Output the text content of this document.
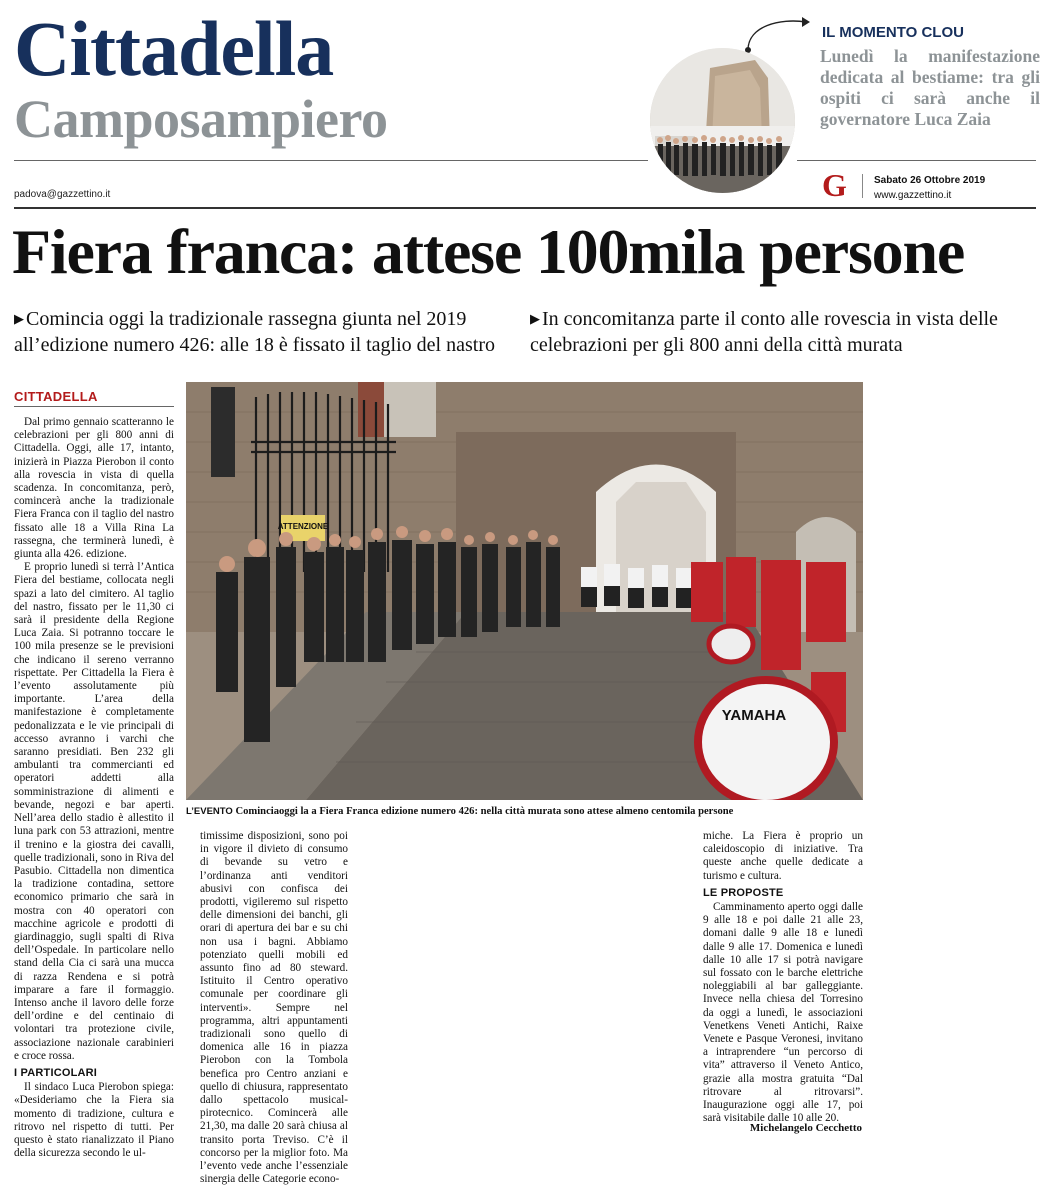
Cittadella
Camposampiero
IL MOMENTO CLOU
Lunedì la manifestazione dedicata al bestiame: tra gli ospiti ci sarà anche il governatore Luca Zaia
padova@gazzettino.it	G	Sabato 26 Ottobre 2019
www.gazzettino.it
Fiera franca: attese 100mila persone
▶ Comincia oggi la tradizionale rassegna giunta nel 2019 all’edizione numero 426: alle 18 è fissato il taglio del nastro
▶ In concomitanza parte il conto alle rovescia in vista delle celebrazioni per gli 800 anni della città murata
CITTADELLA
ATTENZIONE
YAMAHA
L’EVENTO Cominciaoggi la a Fiera Franca edizione numero 426: nella città murata sono attese almeno centomila persone

Dal primo gennaio scatteranno le celebrazioni per gli 800 anni di Cittadella. Oggi, alle 17, intanto, inizierà in Piazza Pierobon il conto alla rovescia in vista di quella scadenza. In concomitanza, però, comincerà anche la tradizionale Fiera Franca con il taglio del nastro fissato alle 18 a Villa Rina La rassegna, che terminerà lunedì, è giunta alla 426. edizione.

E proprio lunedì si terrà l’Antica Fiera del bestiame, collocata negli spazi a lato del cimitero. Al taglio del nastro, fissato per le 11,30 ci sarà il presidente della Regione Luca Zaia. Si potranno toccare le 100 mila presenze se le previsioni che indicano il sereno verranno rispettate. Per Cittadella la Fiera è l’evento assolutamente più importante. L’area della manifestazione è completamente pedonalizzata e le vie principali di accesso avranno i varchi che saranno presidiati. Ben 232 gli ambulanti tra commercianti ed operatori addetti alla somministrazione di alimenti e bevande, negozi e bar aperti. Nell’area dello stadio è allestito il luna park con 53 attrazioni, mentre il trenino e la giostra dei cavalli, quelle tradizionali, sono in Riva del Pasubio. Cittadella non dimentica la tradizione contadina, settore economico primario che sarà in mostra con 40 operatori con macchine agricole e prodotti di giardinaggio, sugli spalti di Riva dell’Ospedale. In particolare nello stand della Cia ci sarà una mucca di razza Rendena e si potrà imparare a fare il formaggio. Intenso anche il lavoro delle forze dell’ordine e del centinaio di volontari tra protezione civile, associazione nazionale carabinieri e croce rossa.

I PARTICOLARI

Il sindaco Luca Pierobon spiega: «Desideriamo che la Fiera sia momento di tradizione, cultura e ritrovo nel rispetto di tutti. Per questo è stato rianalizzato il Piano della sicurezza secondo le ul-

timissime disposizioni, sono poi in vigore il divieto di consumo di bevande su vetro e l’ordinanza anti venditori abusivi con confisca dei prodotti, vigileremo sul rispetto delle dimensioni dei banchi, gli orari di apertura dei bar e su chi non usa i bagni. Abbiamo potenziato quelli mobili ed assunto fino ad 80 steward. Istituito il Centro operativo comunale per coordinare gli interventi». Sempre nel programma, altri appuntamenti tradizionali sono quello di domenica alle 16 in piazza Pierobon con la Tombola benefica pro Centro anziani e quello di chiusura, rappresentato dallo spettacolo musical-pirotecnico. Comincerà alle 21,30, ma dalle 20 sarà chiusa al transito porta Treviso. C’è il concorso per la miglior foto. Ma l’evento vede anche l’essenziale sinergia delle Categorie econo-

miche. La Fiera è proprio un caleidoscopio di iniziative. Tra queste anche quelle dedicate a turismo e cultura.

LE PROPOSTE

Camminamento aperto oggi dalle 9 alle 18 e poi dalle 21 alle 23, domani dalle 9 alle 18 e lunedì dalle 9 alle 17. Domenica e lunedì dalle 10 alle 17 si potrà navigare sul fossato con le barche elettriche noleggiabili al bar galleggiante. Invece nella chiesa del Torresino da oggi a lunedì, le associazioni Venetkens Veneti Antichi, Raixe Venete e Pasque Veronesi, invitano a intraprendere “un percorso di vita” attraverso il Veneto Antico, grazie alla mostra gratuita “Dal ritrovare al ritrovarsi”. Inaugurazione oggi alle 17, poi sarà visitabile dalle 10 alle 20.

Michelangelo Cecchetto
